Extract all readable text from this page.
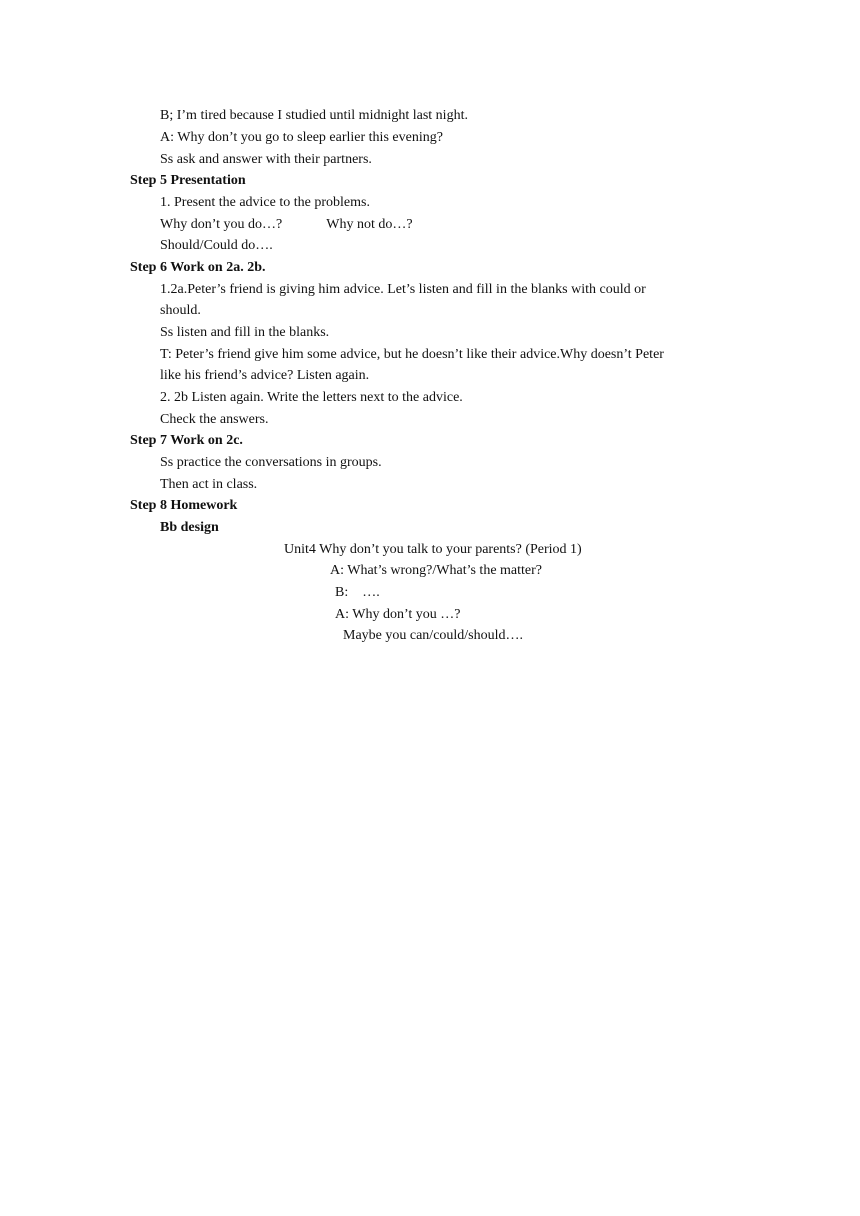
B; I’m tired because I studied until midnight last night.
A: Why don’t you go to sleep earlier this evening?
Ss ask and answer with their partners.
Step 5 Presentation
1. Present the advice to the problems.
Why don’t you do…?	Why not do…?
Should/Could do….
Step 6 Work on 2a. 2b.
1.2a.Peter’s friend is giving him advice. Let’s listen and fill in the blanks with could or
should.
Ss listen and fill in the blanks.
T: Peter’s friend give him some advice, but he doesn’t like their advice.Why doesn’t Peter
like his friend’s advice? Listen again.
2. 2b Listen again. Write the letters next to the advice.
Check the answers.
Step 7 Work on 2c.
Ss practice the conversations in groups.
Then act in class.
Step 8 Homework
Bb design
Unit4 Why don’t you talk to your parents? (Period 1)
A: What’s wrong?/What’s the matter?
B:    ….
A: Why don’t you …?
Maybe you can/could/should….
